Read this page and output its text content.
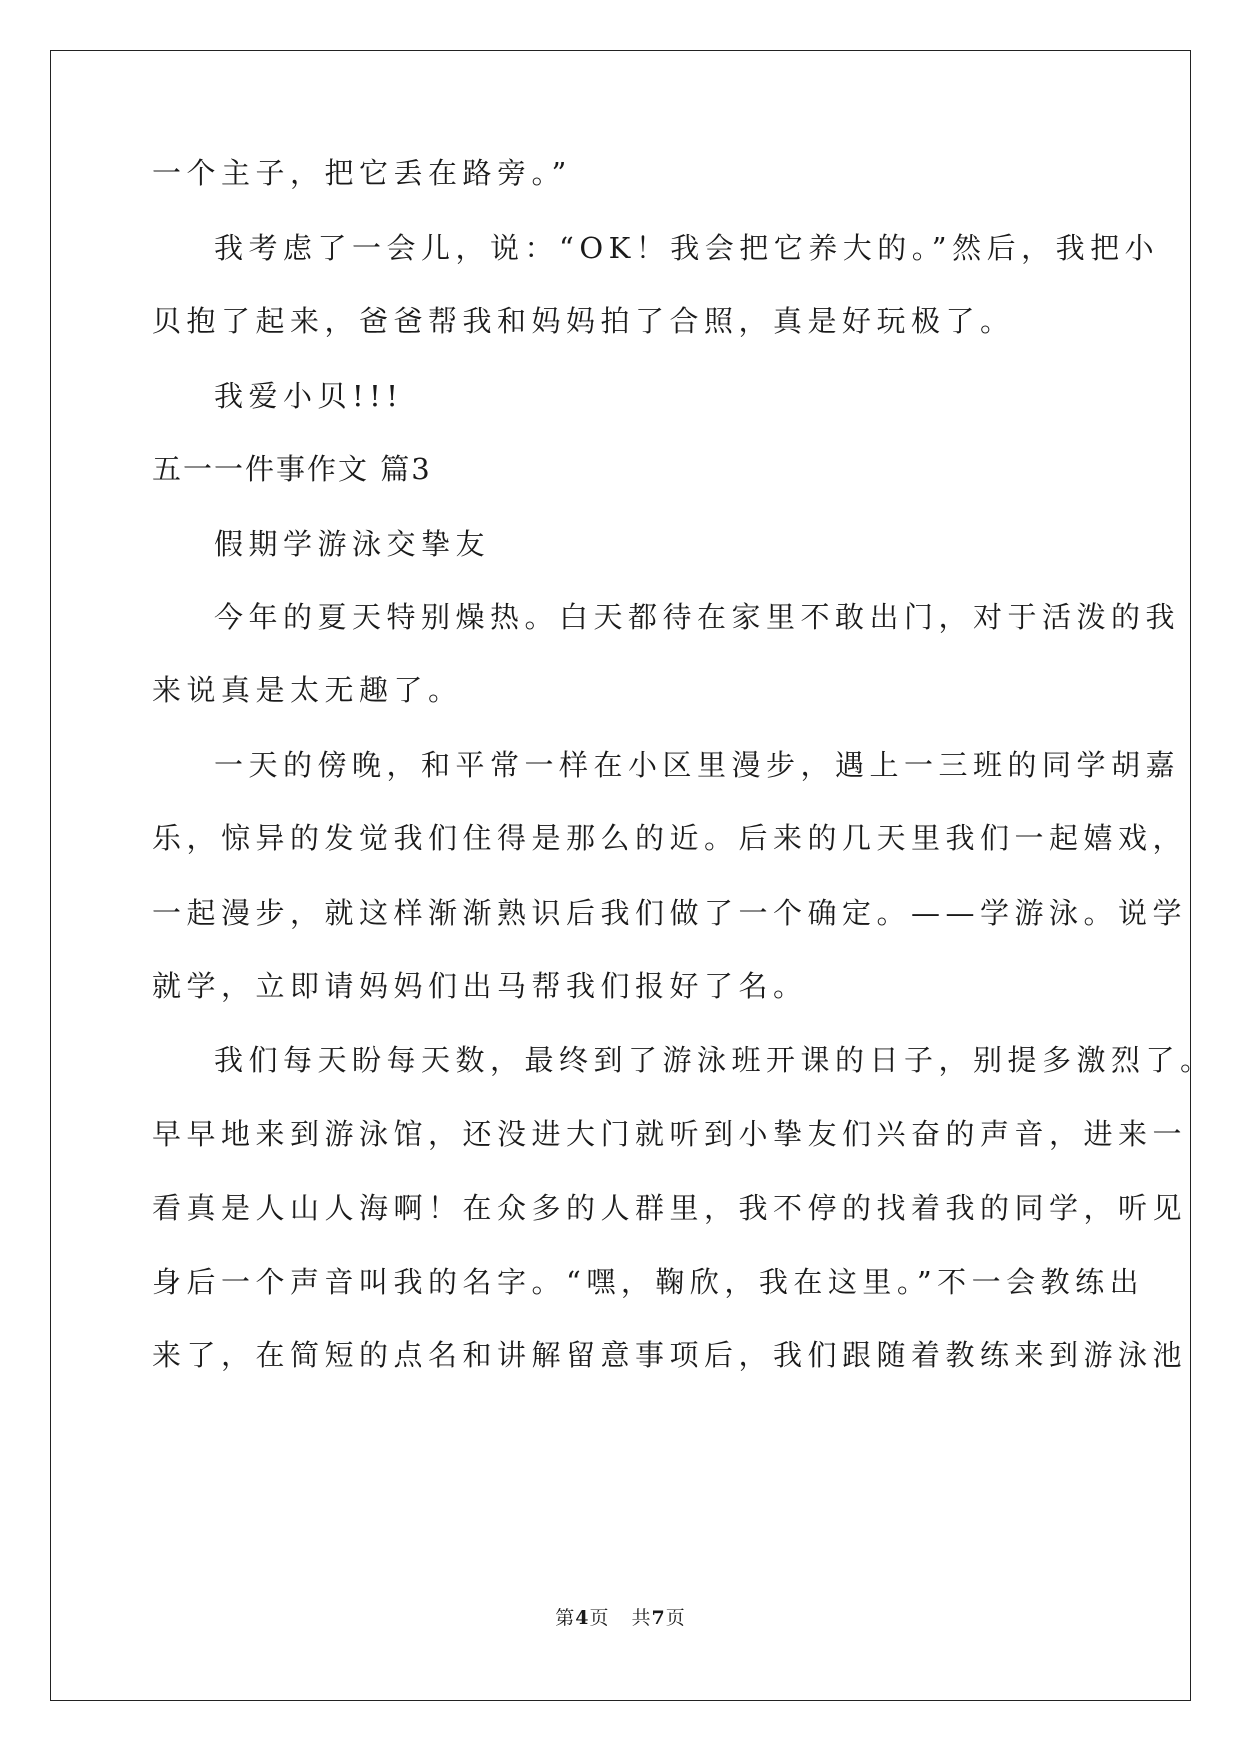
一个主子，把它丢在路旁。”
我考虑了一会儿，说：“OK！我会把它养大的。”然后，我把小
贝抱了起来，爸爸帮我和妈妈拍了合照，真是好玩极了。
我爱小贝!!!
五一一件事作文 篇3
假期学游泳交挚友
今年的夏天特别燥热。白天都待在家里不敢出门，对于活泼的我
来说真是太无趣了。
一天的傍晚，和平常一样在小区里漫步，遇上一三班的同学胡嘉
乐，惊异的发觉我们住得是那么的近。后来的几天里我们一起嬉戏，
一起漫步，就这样渐渐熟识后我们做了一个确定。——学游泳。说学
就学，立即请妈妈们出马帮我们报好了名。
我们每天盼每天数，最终到了游泳班开课的日子，别提多激烈了。
早早地来到游泳馆，还没进大门就听到小挚友们兴奋的声音，进来一
看真是人山人海啊！在众多的人群里，我不停的找着我的同学，听见
身后一个声音叫我的名字。“嘿，鞠欣，我在这里。”不一会教练出
来了，在简短的点名和讲解留意事项后，我们跟随着教练来到游泳池
第4页 共7页
